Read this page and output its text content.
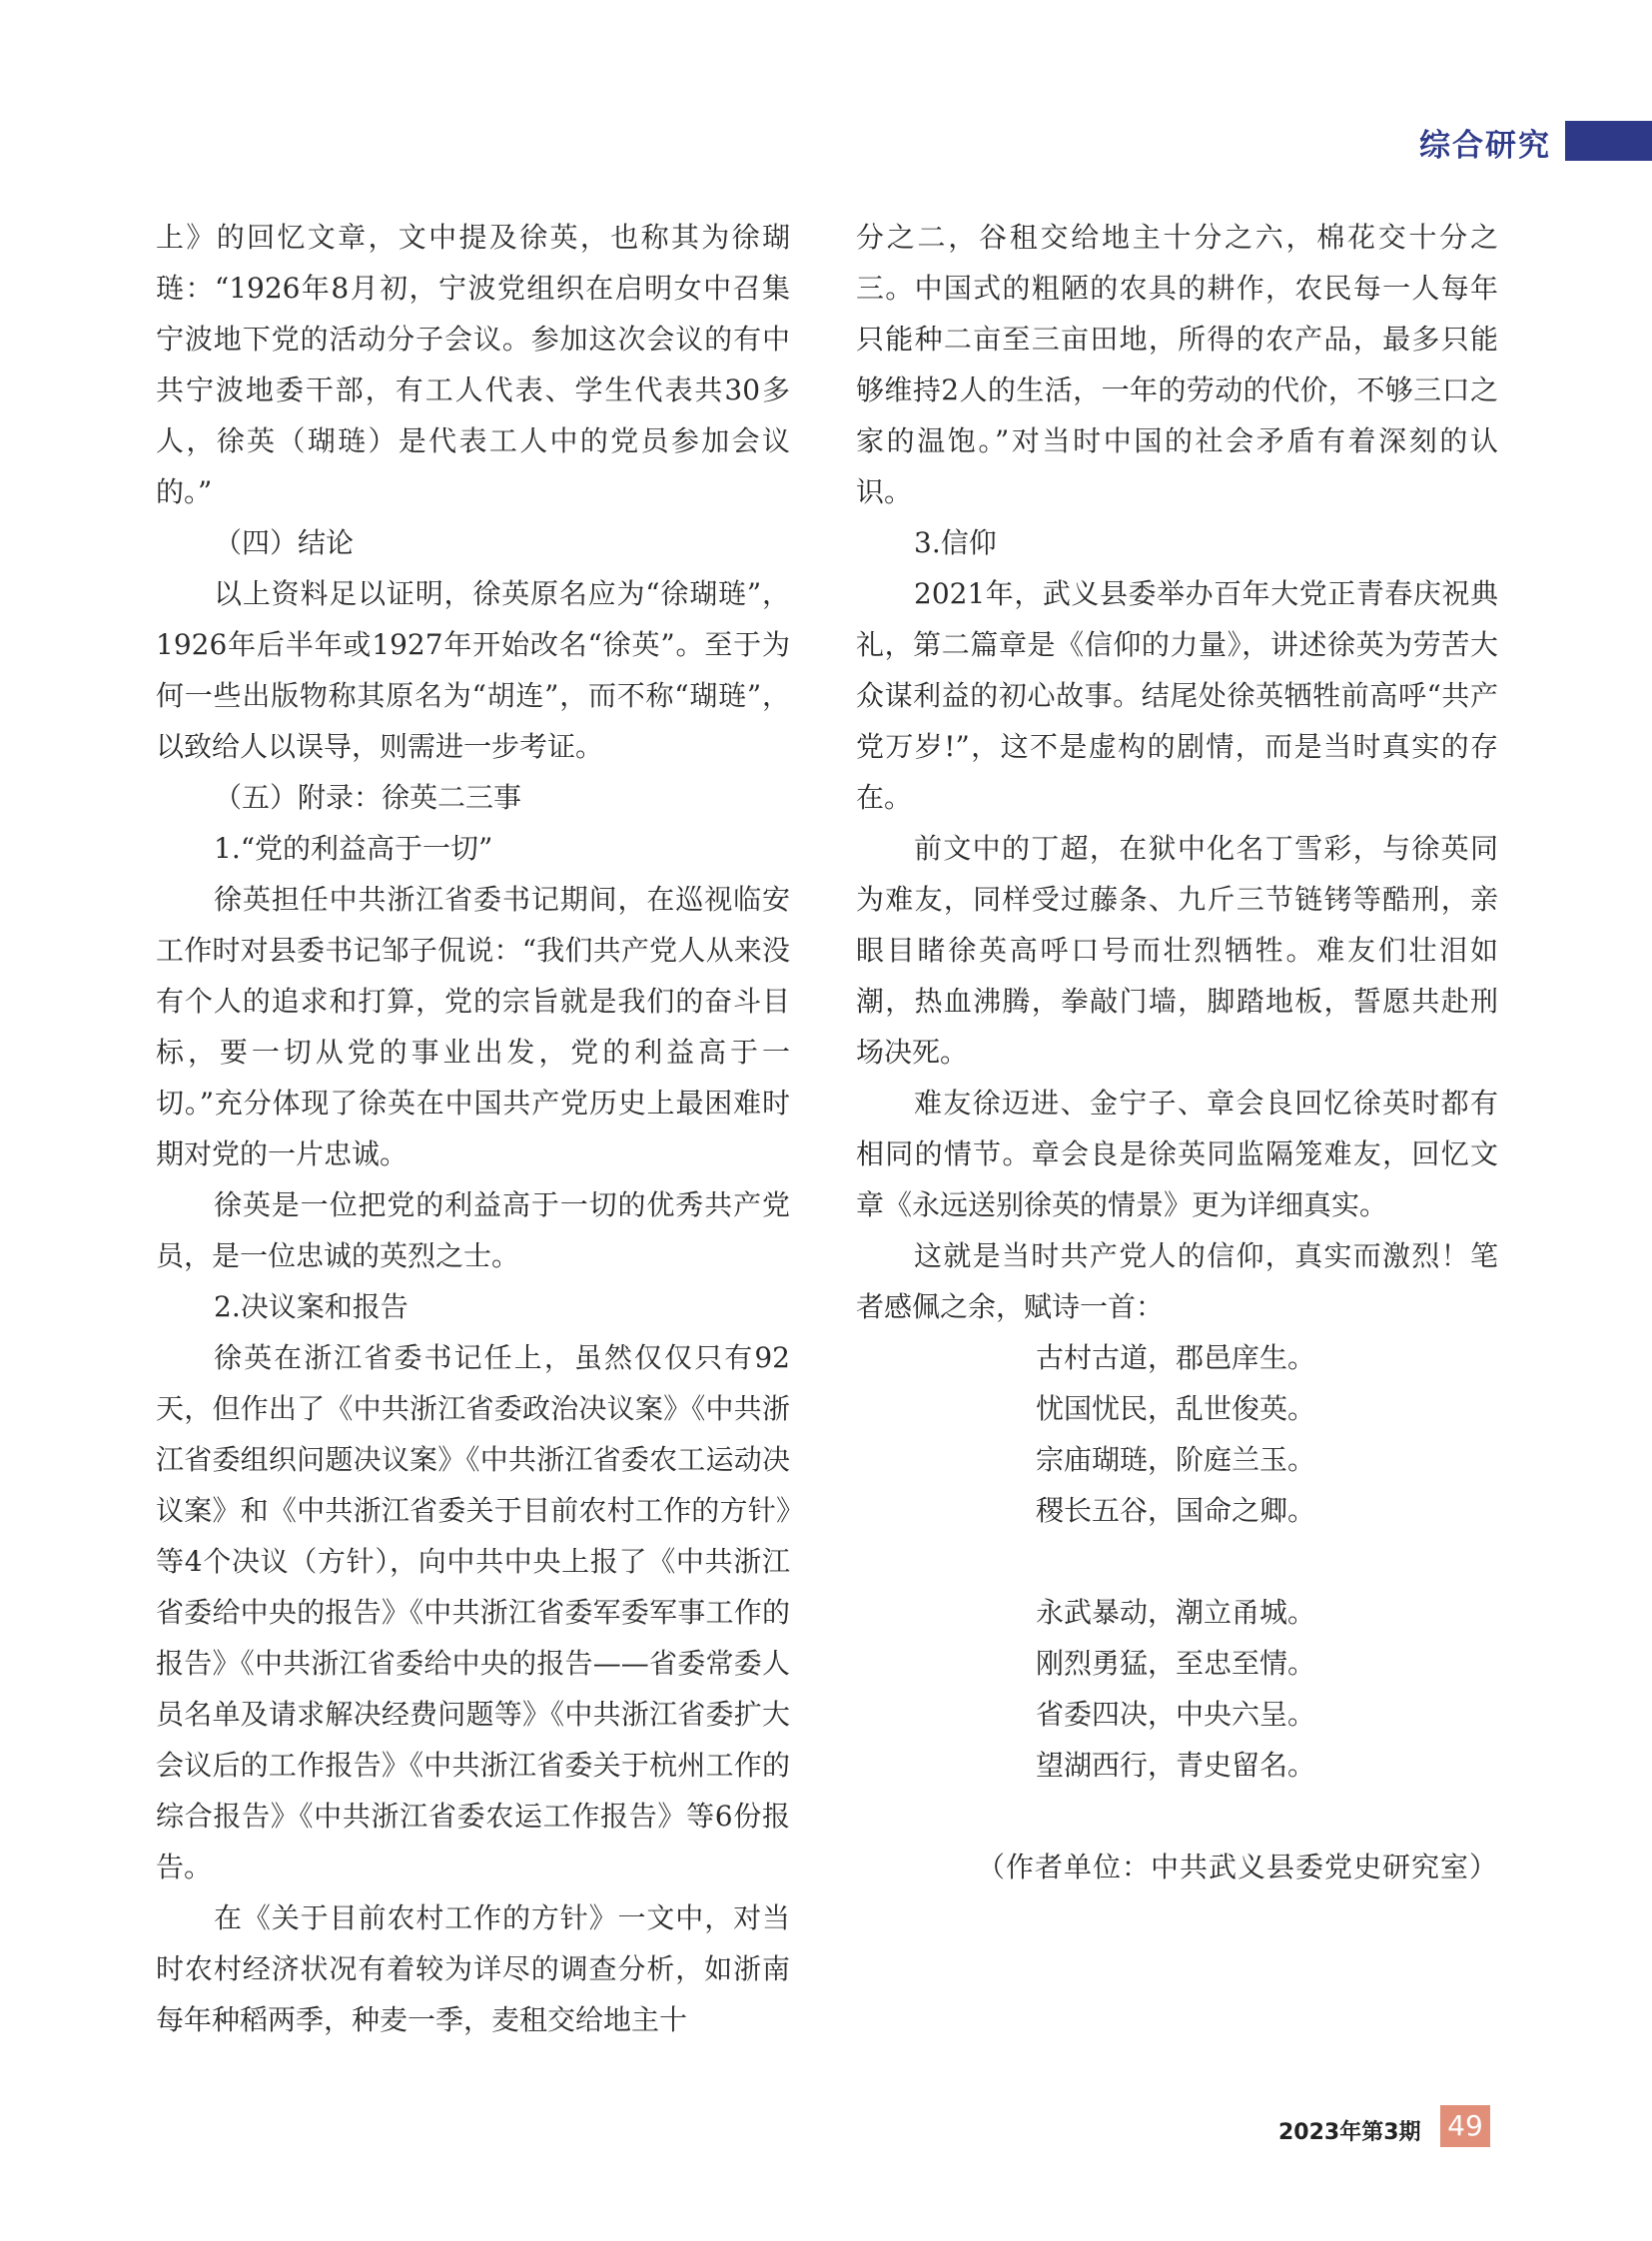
综合研究

上》的回忆文章，文中提及徐英，也称其为徐瑚琏：“1926年8月初，宁波党组织在启明女中召集宁波地下党的活动分子会议。参加这次会议的有中共宁波地委干部，有工人代表、学生代表共30多人，徐英（瑚琏）是代表工人中的党员参加会议的。”

（四）结论

以上资料足以证明，徐英原名应为“徐瑚琏”，1926年后半年或1927年开始改名“徐英”。至于为何一些出版物称其原名为“胡连”，而不称“瑚琏”，以致给人以误导，则需进一步考证。

（五）附录：徐英二三事

1.“党的利益高于一切”

徐英担任中共浙江省委书记期间，在巡视临安工作时对县委书记邹子侃说：“我们共产党人从来没有个人的追求和打算，党的宗旨就是我们的奋斗目标，要一切从党的事业出发，党的利益高于一切。”充分体现了徐英在中国共产党历史上最困难时期对党的一片忠诚。

徐英是一位把党的利益高于一切的优秀共产党员，是一位忠诚的英烈之士。

2.决议案和报告

徐英在浙江省委书记任上，虽然仅仅只有92天，但作出了《中共浙江省委政治决议案》《中共浙江省委组织问题决议案》《中共浙江省委农工运动决议案》和《中共浙江省委关于目前农村工作的方针》等4个决议（方针），向中共中央上报了《中共浙江省委给中央的报告》《中共浙江省委军委军事工作的报告》《中共浙江省委给中央的报告——省委常委人员名单及请求解决经费问题等》《中共浙江省委扩大会议后的工作报告》《中共浙江省委关于杭州工作的综合报告》《中共浙江省委农运工作报告》等6份报告。

在《关于目前农村工作的方针》一文中，对当时农村经济状况有着较为详尽的调查分析，如浙南每年种稻两季，种麦一季，麦租交给地主十

分之二，谷租交给地主十分之六，棉花交十分之三。中国式的粗陋的农具的耕作，农民每一人每年只能种二亩至三亩田地，所得的农产品，最多只能够维持2人的生活，一年的劳动的代价，不够三口之家的温饱。”对当时中国的社会矛盾有着深刻的认识。

3.信仰

2021年，武义县委举办百年大党正青春庆祝典礼，第二篇章是《信仰的力量》，讲述徐英为劳苦大众谋利益的初心故事。结尾处徐英牺牲前高呼“共产党万岁!”，这不是虚构的剧情，而是当时真实的存在。

前文中的丁超，在狱中化名丁雪彩，与徐英同为难友，同样受过藤条、九斤三节链铐等酷刑，亲眼目睹徐英高呼口号而壮烈牺牲。难友们壮泪如潮，热血沸腾，拳敲门墙，脚踏地板，誓愿共赴刑场决死。

难友徐迈进、金宁子、章会良回忆徐英时都有相同的情节。章会良是徐英同监隔笼难友，回忆文章《永远送别徐英的情景》更为详细真实。

这就是当时共产党人的信仰，真实而激烈！笔者感佩之余，赋诗一首：

古村古道，郡邑庠生。

忧国忧民，乱世俊英。

宗庙瑚琏，阶庭兰玉。

稷长五谷，国命之卿。

永武暴动，潮立甬城。

刚烈勇猛，至忠至情。

省委四决，中央六呈。

望湖西行，青史留名。

（作者单位：中共武义县委党史研究室）

2023年第3期 49
